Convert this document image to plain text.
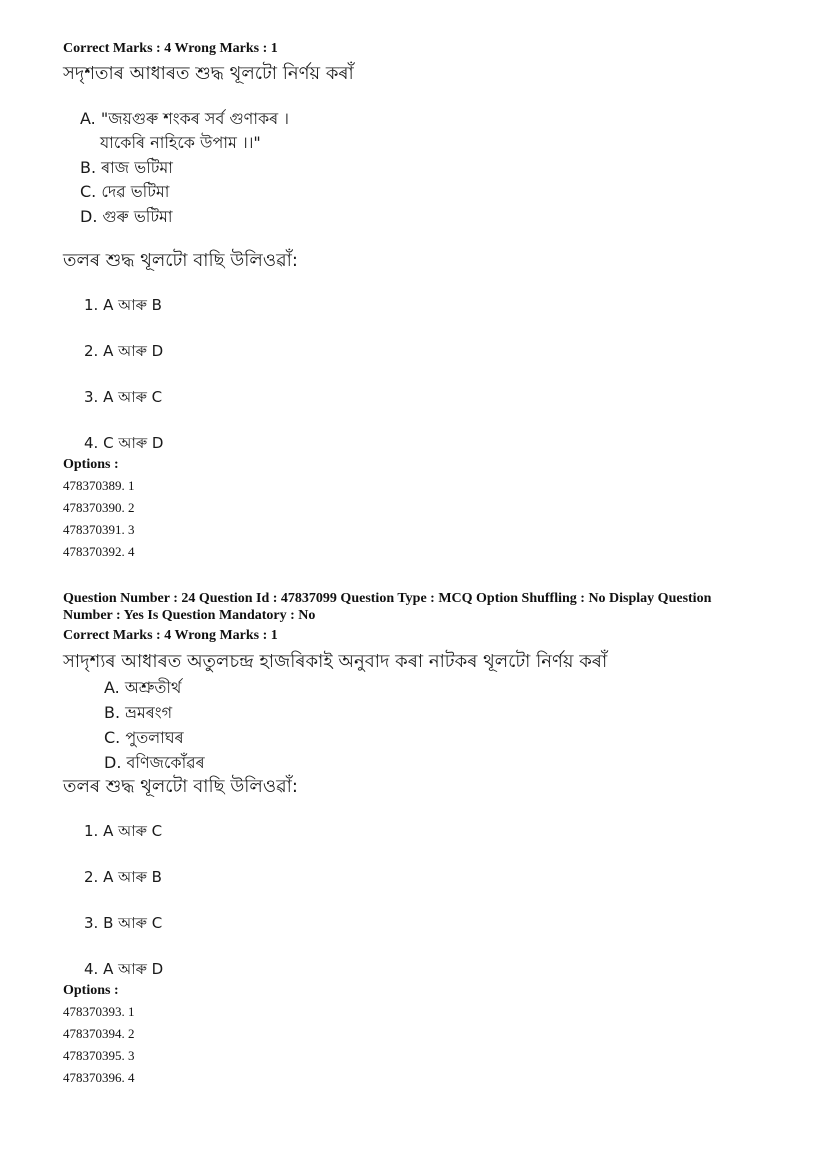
Correct Marks : 4 Wrong Marks : 1
সদৃশতাৰ আধাৰত শুদ্ধ থূলটো নিৰ্ণয় কৰাঁ
A. "জয়গুৰু শংকৰ সৰ্ব গুণাকৰ ।
যাকেৰি নাহিকে উপাম ।।"
B. ৰাজ ভটিমা
C. দেৱ ভটিমা
D. গুৰু ভটিমা
তলৰ শুদ্ধ থূলটো বাছি উলিওৱাঁ:
1. A আৰু B
2. A আৰু D
3. A আৰু C
4. C আৰু D
Options :
478370389. 1
478370390. 2
478370391. 3
478370392. 4
Question Number : 24 Question Id : 47837099 Question Type : MCQ Option Shuffling : No Display Question
Number : Yes Is Question Mandatory : No
Correct Marks : 4 Wrong Marks : 1
সাদৃশ্যৰ আধাৰত অতুলচন্দ্ৰ হাজৰিকাই অনুবাদ কৰা নাটকৰ থূলটো নিৰ্ণয় কৰাঁ
A. অশ্ৰুতীৰ্থ
B. ভ্ৰমৰংগ
C. পুতলাঘৰ
D. বণিজকোঁৱৰ
তলৰ শুদ্ধ থূলটো বাছি উলিওৱাঁ:
1. A আৰু C
2. A আৰু B
3. B আৰু C
4. A আৰু D
Options :
478370393. 1
478370394. 2
478370395. 3
478370396. 4
